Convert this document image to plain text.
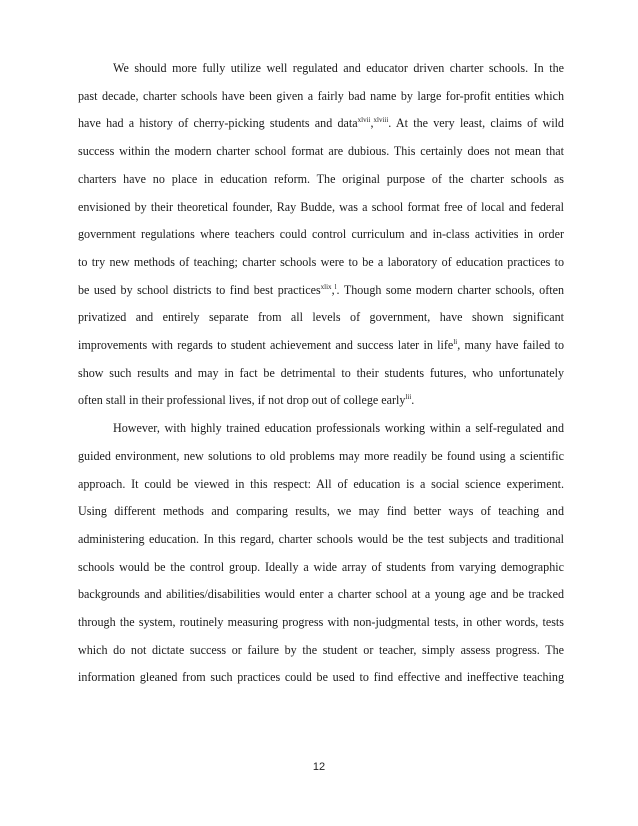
We should more fully utilize well regulated and educator driven charter schools. In the
past decade, charter schools have been given a fairly bad name by large for-profit entities which
have had a history of cherry-picking students and data$^{xlvii}$,$^{xlviii}$. At the very least, claims of wild
success within the modern charter school format are dubious. This certainly does not mean that
charters have no place in education reform. The original purpose of the charter schools as
envisioned by their theoretical founder, Ray Budde, was a school format free of local and federal
government regulations where teachers could control curriculum and in-class activities in order
to try new methods of teaching; charter schools were to be a laboratory of education practices to
be used by school districts to find best practices$^{xlix}$,$^l$. Though some modern charter schools, often
privatized and entirely separate from all levels of government, have shown significant
improvements with regards to student achievement and success later in life$^{li}$, many have failed to
show such results and may in fact be detrimental to their students futures, who unfortunately
often stall in their professional lives, if not drop out of college early$^{lii}$.
However, with highly trained education professionals working within a self-regulated and
guided environment, new solutions to old problems may more readily be found using a scientific
approach. It could be viewed in this respect: All of education is a social science experiment.
Using different methods and comparing results, we may find better ways of teaching and
administering education. In this regard, charter schools would be the test subjects and traditional
schools would be the control group. Ideally a wide array of students from varying demographic
backgrounds and abilities/disabilities would enter a charter school at a young age and be tracked
through the system, routinely measuring progress with non-judgmental tests, in other words, tests
which do not dictate success or failure by the student or teacher, simply assess progress. The
information gleaned from such practices could be used to find effective and ineffective teaching
12
